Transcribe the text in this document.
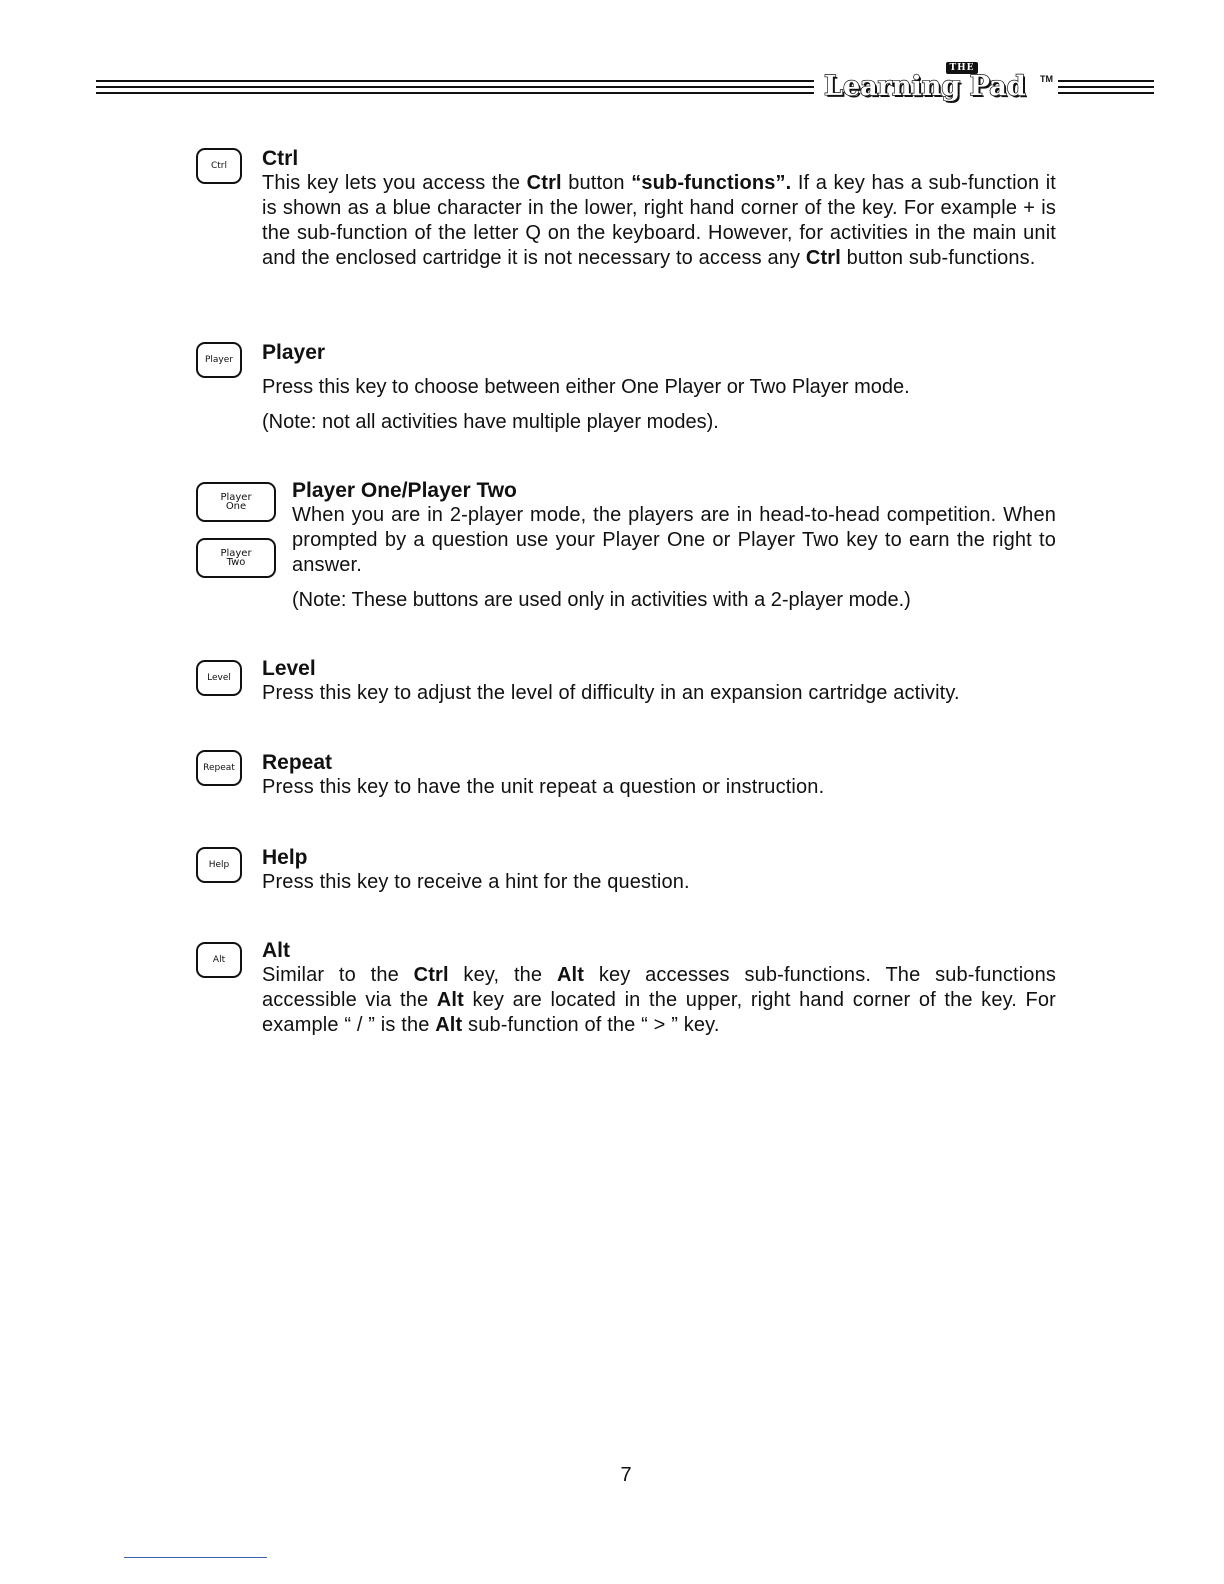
THE
Learning Pad TM
Ctrl	Ctrl

This key lets you access the Ctrl button “sub-functions”. If a key has a sub-function it is shown as a blue character in the lower, right hand corner of the key. For example + is the sub-function of the letter Q on the keyboard. However, for activities in the main unit and the enclosed cartridge it is not necessary to access any Ctrl button sub-functions.

Player	Player

Press this key to choose between either One Player or Two Player mode.

(Note: not all activities have multiple player modes).

Player
One
Player
Two

Player One/Player Two

When you are in 2-player mode, the players are in head-to-head competition. When prompted by a question use your Player One or Player Two key to earn the right to answer.

(Note: These buttons are used only in activities with a 2-player mode.)

Level	Level

Press this key to adjust the level of difficulty in an expansion cartridge activity.

Repeat	Repeat

Press this key to have the unit repeat a question or instruction.

Help	Help

Press this key to receive a hint for the question.

Alt	Alt

Similar to the Ctrl key, the Alt key accesses sub-functions. The sub-functions accessible via the Alt key are located in the upper, right hand corner of the key. For example “ / ” is the Alt sub-function of the “ > ” key.

7
